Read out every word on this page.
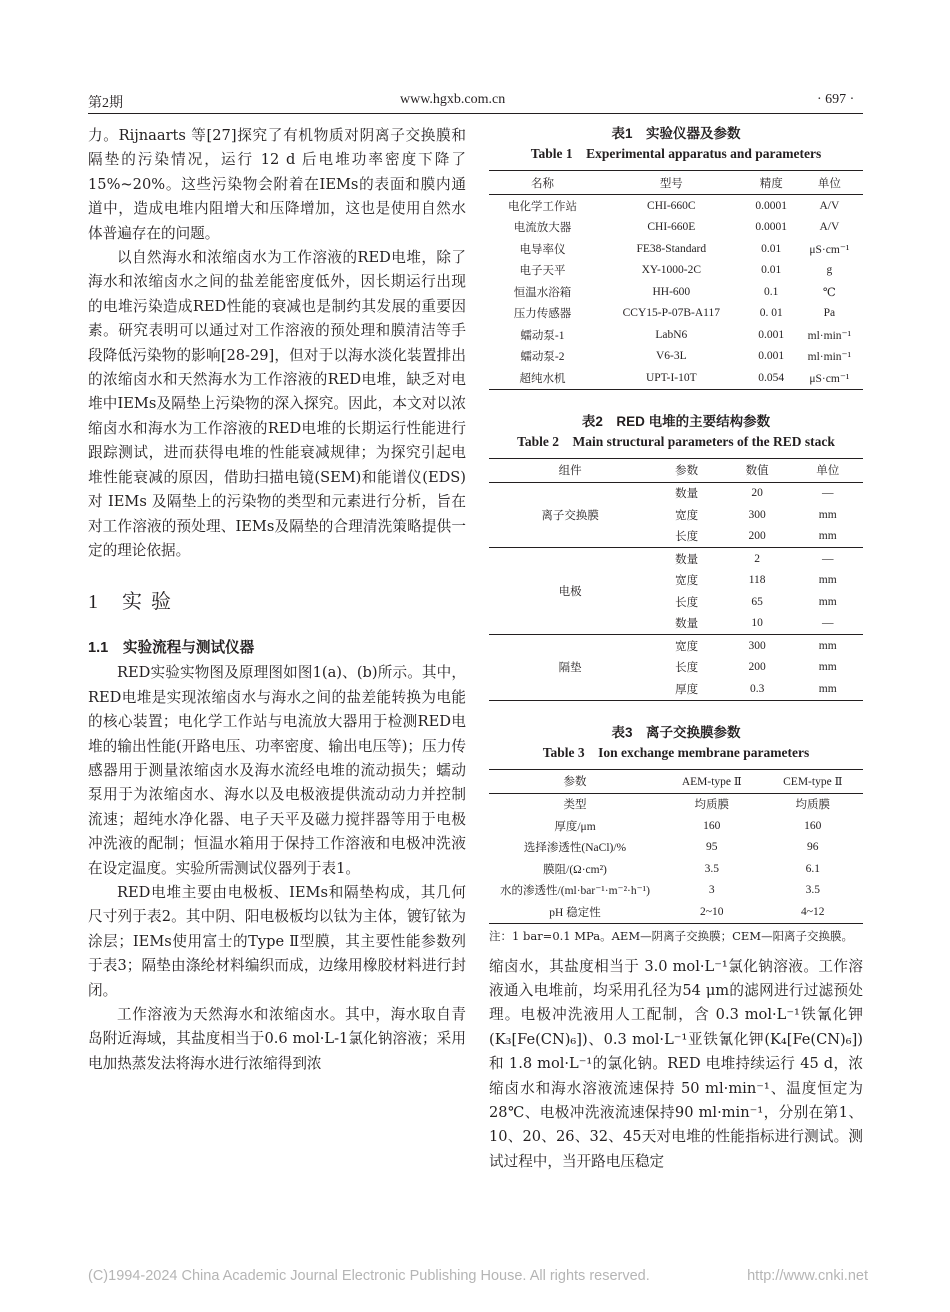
第2期	www.hgxb.com.cn	· 697 ·

力。Rijnaarts 等[27]探究了有机物质对阴离子交换膜和隔垫的污染情况，运行 12 d 后电堆功率密度下降了 15%~20%。这些污染物会附着在IEMs的表面和膜内通道中，造成电堆内阻增大和压降增加，这也是使用自然水体普遍存在的问题。

以自然海水和浓缩卤水为工作溶液的RED电堆，除了海水和浓缩卤水之间的盐差能密度低外，因长期运行出现的电堆污染造成RED性能的衰减也是制约其发展的重要因素。研究表明可以通过对工作溶液的预处理和膜清洁等手段降低污染物的影响[28-29]，但对于以海水淡化装置排出的浓缩卤水和天然海水为工作溶液的RED电堆，缺乏对电堆中IEMs及隔垫上污染物的深入探究。因此，本文对以浓缩卤水和海水为工作溶液的RED电堆的长期运行性能进行跟踪测试，进而获得电堆的性能衰减规律；为探究引起电堆性能衰减的原因，借助扫描电镜(SEM)和能谱仪(EDS)对 IEMs 及隔垫上的污染物的类型和元素进行分析，旨在对工作溶液的预处理、IEMs及隔垫的合理清洗策略提供一定的理论依据。

1 实 验
1.1　实验流程与测试仪器

RED实验实物图及原理图如图1(a)、(b)所示。其中，RED电堆是实现浓缩卤水与海水之间的盐差能转换为电能的核心装置；电化学工作站与电流放大器用于检测RED电堆的输出性能(开路电压、功率密度、输出电压等)；压力传感器用于测量浓缩卤水及海水流经电堆的流动损失；蠕动泵用于为浓缩卤水、海水以及电极液提供流动动力并控制流速；超纯水净化器、电子天平及磁力搅拌器等用于电极冲洗液的配制；恒温水箱用于保持工作溶液和电极冲洗液在设定温度。实验所需测试仪器列于表1。

RED电堆主要由电极板、IEMs和隔垫构成，其几何尺寸列于表2。其中阴、阳电极板均以钛为主体，镀钌铱为涂层；IEMs使用富士的Type Ⅱ型膜，其主要性能参数列于表3；隔垫由涤纶材料编织而成，边缘用橡胶材料进行封闭。

工作溶液为天然海水和浓缩卤水。其中，海水取自青岛附近海域，其盐度相当于0.6 mol·L-1氯化钠溶液；采用电加热蒸发法将海水进行浓缩得到浓

表1　实验仪器及参数
Table 1　Experimental apparatus and parameters
名称	型号	精度	单位
电化学工作站	CHI-660C	0.0001	A/V
电流放大器	CHI-660E	0.0001	A/V
电导率仪	FE38-Standard	0.01	μS·cm⁻¹
电子天平	XY-1000-2C	0.01	g
恒温水浴箱	HH-600	0.1	℃
压力传感器	CCY15-P-07B-A117	0. 01	Pa
蠕动泵-1	LabN6	0.001	ml·min⁻¹
蠕动泵-2	V6-3L	0.001	ml·min⁻¹
超纯水机	UPT-I-10T	0.054	μS·cm⁻¹
表2　RED 电堆的主要结构参数
Table 2　Main structural parameters of the RED stack
组件	参数	数值	单位
离子交换膜	数量	20	—
	宽度	300	mm
	长度	200	mm
电极	数量	2	—
	宽度	118	mm
	长度	65	mm
	数量	10	—
隔垫	宽度	300	mm
	长度	200	mm
	厚度	0.3	mm
表3　离子交换膜参数
Table 3　Ion exchange membrane parameters
参数	AEM-type Ⅱ	CEM-type Ⅱ
类型	均质膜	均质膜
厚度/μm	160	160
选择渗透性(NaCl)/%	95	96
膜阻/(Ω·cm²)	3.5	6.1
水的渗透性/(ml·bar⁻¹·m⁻²·h⁻¹)	3	3.5
pH 稳定性	2~10	4~12

注：1 bar=0.1 MPa。AEM—阴离子交换膜；CEM—阳离子交换膜。

缩卤水，其盐度相当于 3.0 mol·L⁻¹氯化钠溶液。工作溶液通入电堆前，均采用孔径为54 μm的滤网进行过滤预处理。电极冲洗液用人工配制，含 0.3 mol·L⁻¹铁氰化钾(K₃[Fe(CN)₆])、0.3 mol·L⁻¹亚铁氰化钾(K₄[Fe(CN)₆])和 1.8 mol·L⁻¹的氯化钠。RED 电堆持续运行 45 d，浓缩卤水和海水溶液流速保持 50 ml·min⁻¹、温度恒定为28℃、电极冲洗液流速保持90 ml·min⁻¹，分别在第1、10、20、26、32、45天对电堆的性能指标进行测试。测试过程中，当开路电压稳定

(C)1994-2024 China Academic Journal Electronic Publishing House. All rights reserved.	http://www.cnki.net
